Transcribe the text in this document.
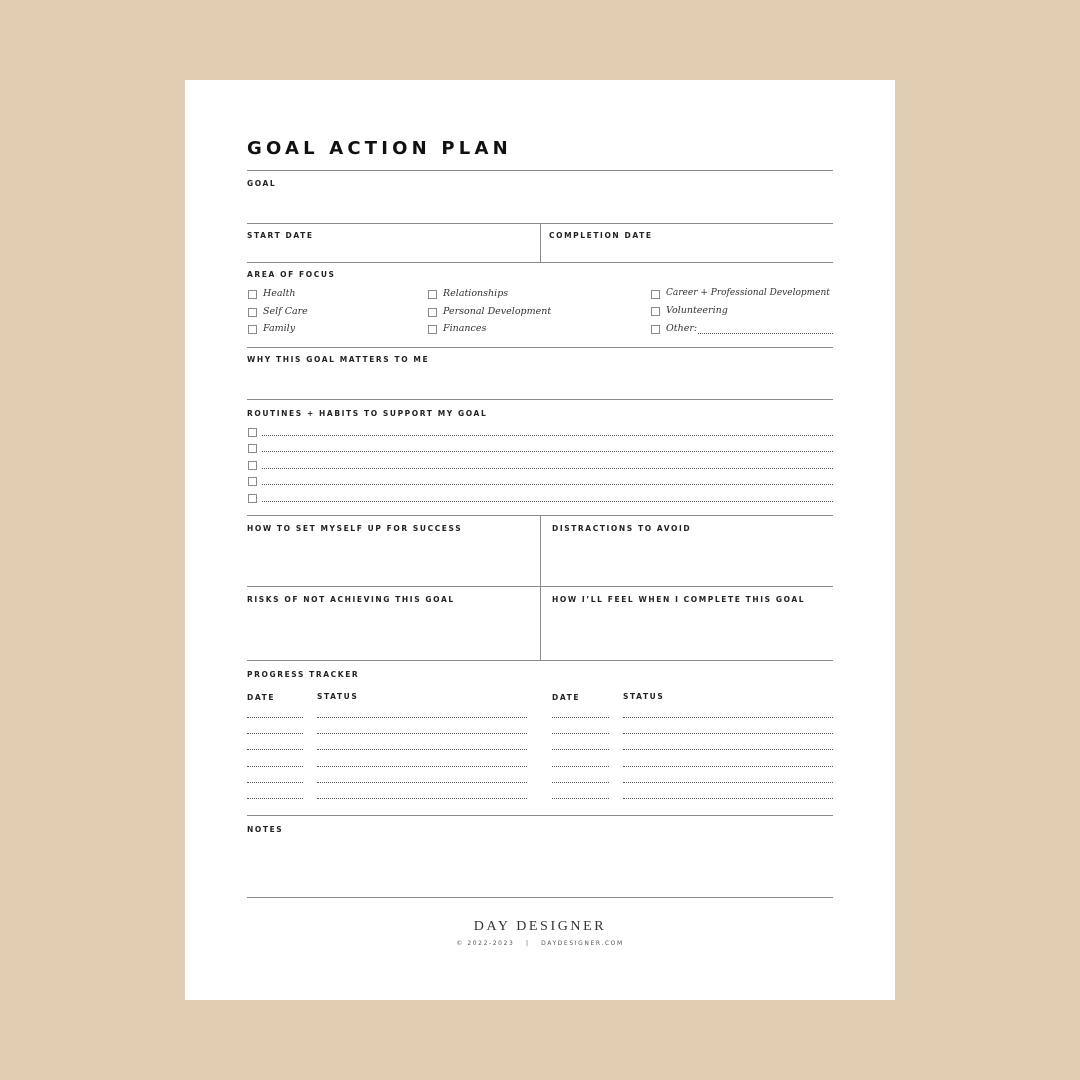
GOAL ACTION PLAN
GOAL
START DATE	COMPLETION DATE
AREA OF FOCUS
Health
Self Care
Family
Relationships
Personal Development
Finances
Career + Professional Development
Volunteering
Other:
WHY THIS GOAL MATTERS TO ME
ROUTINES + HABITS TO SUPPORT MY GOAL
HOW TO SET MYSELF UP FOR SUCCESS	DISTRACTIONS TO AVOID
RISKS OF NOT ACHIEVING THIS GOAL	HOW I’LL FEEL WHEN I COMPLETE THIS GOAL
PROGRESS TRACKER
DATE	STATUS	DATE	STATUS
NOTES
DAY DESIGNER
© 2022-2023 | DAYDESIGNER.COM
